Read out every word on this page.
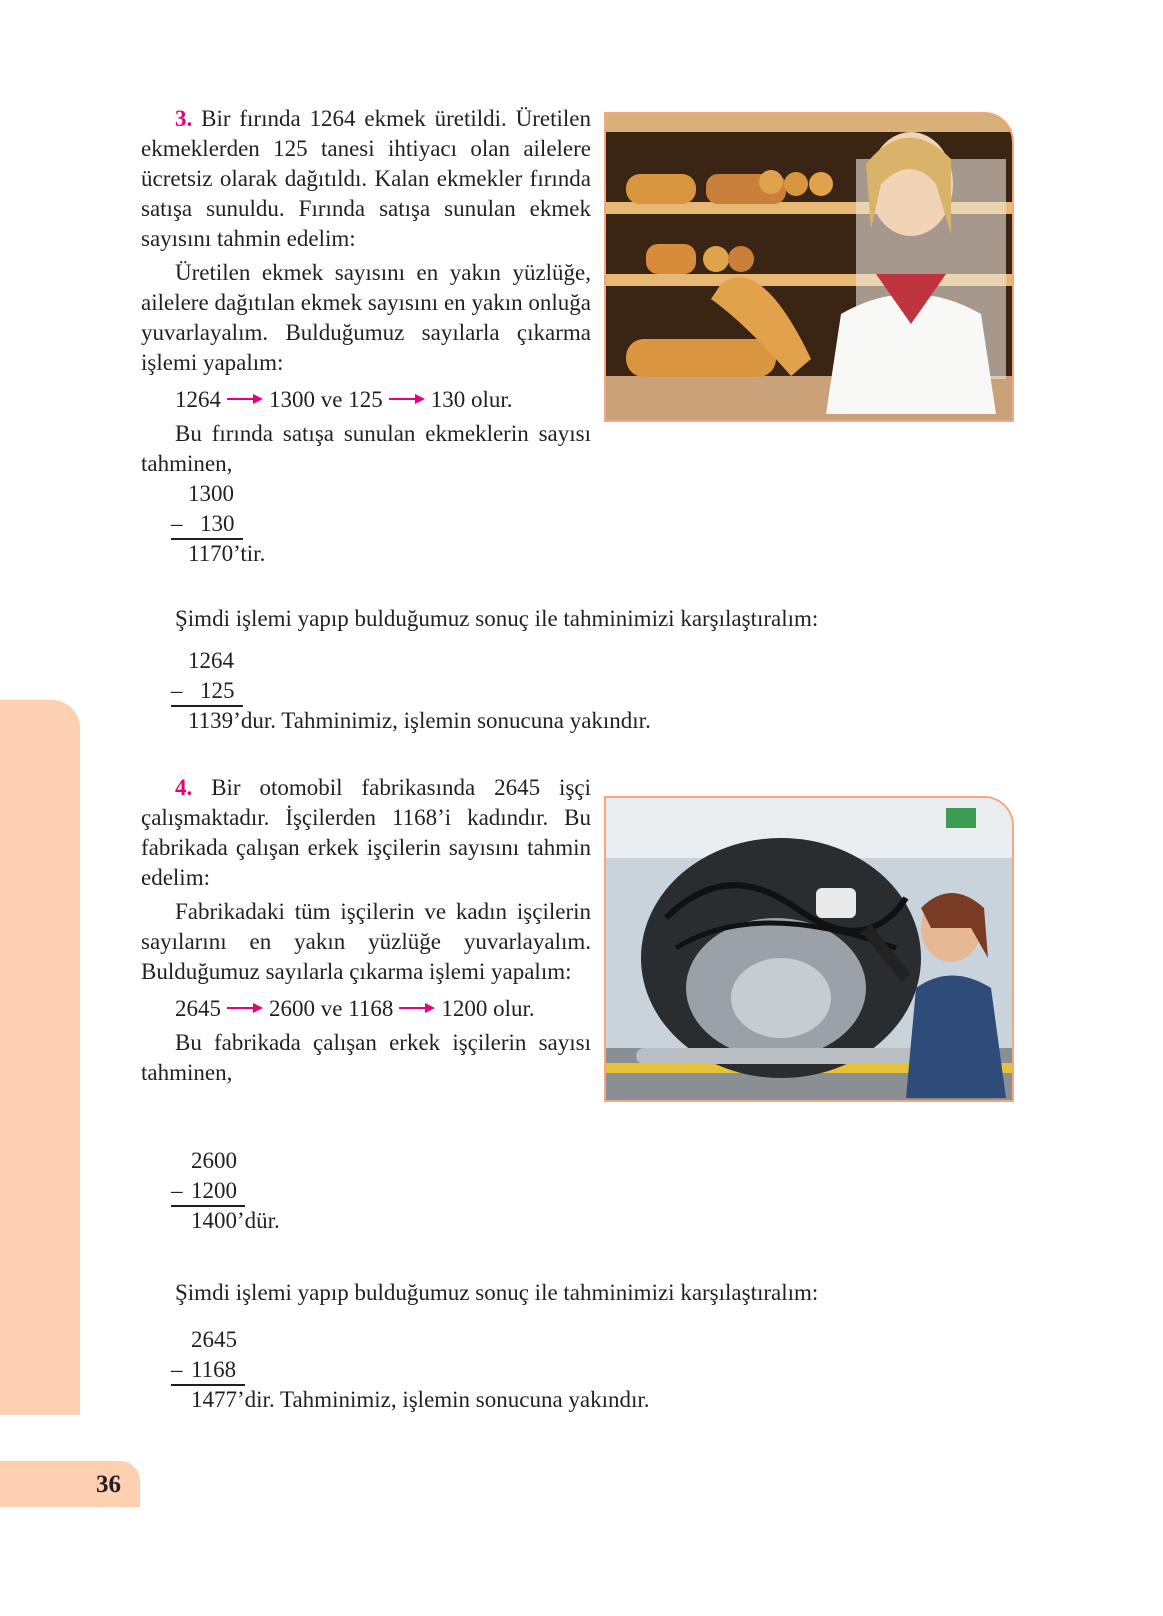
36

3. Bir fırında 1264 ekmek üretildi. Üretilen ekmeklerden 125 tanesi ihtiyacı olan ailelere ücretsiz olarak dağıtıldı. Kalan ekmekler fırında satışa sunuldu. Fırında satışa sunulan ekmek sayısını tahmin edelim:

Üretilen ekmek sayısını en yakın yüzlüğe, ailelere dağıtılan ekmek sayısını en yakın onluğa yuvarlayalım. Bulduğumuz sayılarla çıkarma işlemi yapalım:

1264 1300 ve 125 130 olur.

Bu fırında satışa sunulan ekmeklerin sayısı tahminen,

1300
– 130
1170’tir.

Şimdi işlemi yapıp bulduğumuz sonuç ile tahminimizi karşılaştıralım:

1264
– 125
1139’dur. Tahminimiz, işlemin sonucuna yakındır.

4. Bir otomobil fabrikasında 2645 işçi çalışmaktadır. İşçilerden 1168’i kadındır. Bu fabrikada çalışan erkek işçilerin sayısını tahmin edelim:

Fabrikadaki tüm işçilerin ve kadın işçilerin sayılarını en yakın yüzlüğe yuvarlayalım. Bulduğumuz sayılarla çıkarma işlemi yapalım:

2645 2600 ve 1168 1200 olur.

Bu fabrikada çalışan erkek işçilerin sayısı tahminen,

2600
– 1200
1400’dür.

Şimdi işlemi yapıp bulduğumuz sonuç ile tahminimizi karşılaştıralım:

2645
– 1168
1477’dir. Tahminimiz, işlemin sonucuna yakındır.
